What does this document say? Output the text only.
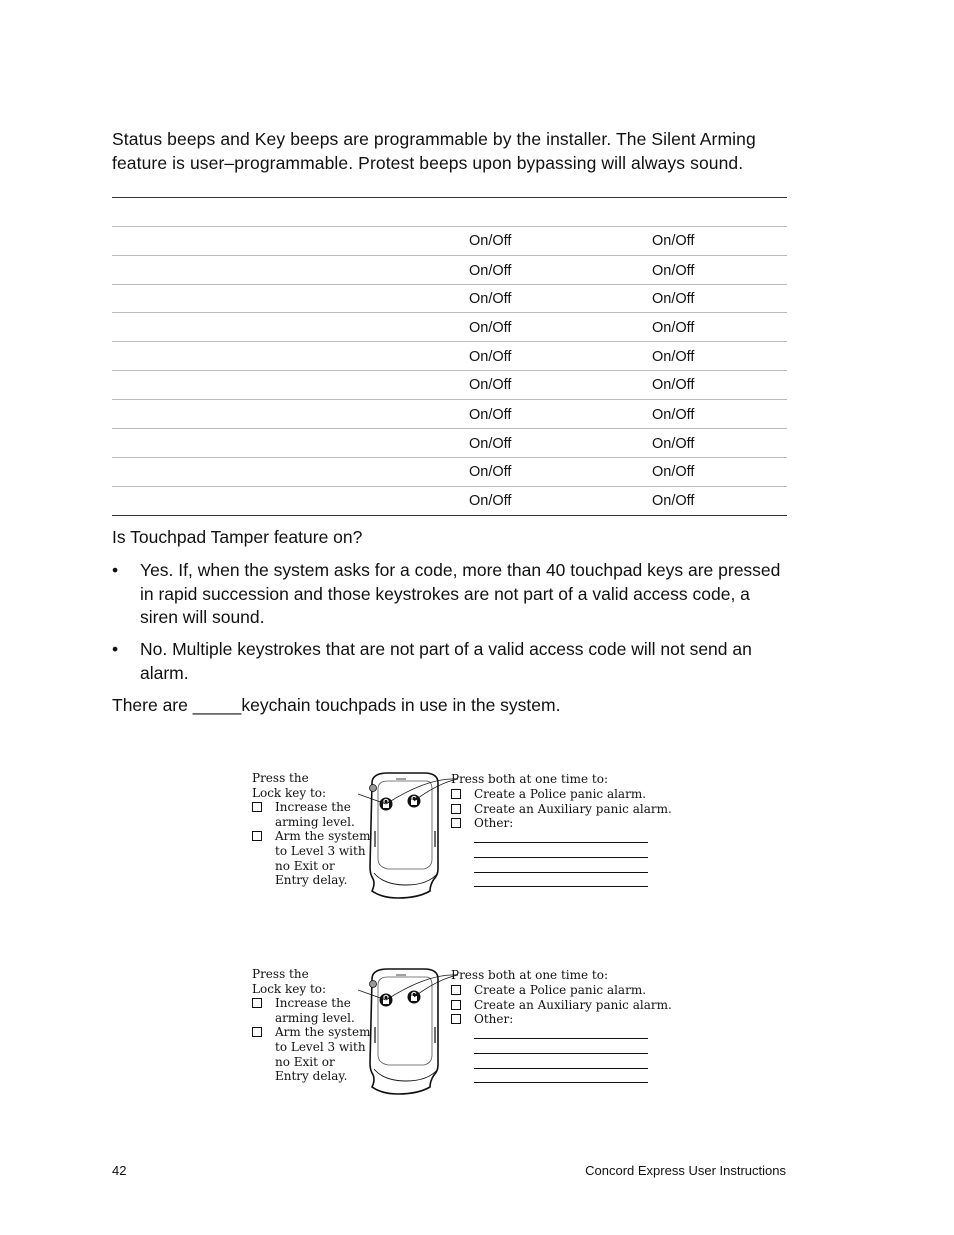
Status beeps and Key beeps are programmable by the installer. The Silent Arming feature is user–programmable. Protest beeps upon bypassing will always sound.

On/Off	On/Off
On/Off	On/Off
On/Off	On/Off
On/Off	On/Off
On/Off	On/Off
On/Off	On/Off
On/Off	On/Off
On/Off	On/Off
On/Off	On/Off
On/Off	On/Off

Is Touchpad Tamper feature on?

• Yes. If, when the system asks for a code, more than 40 touchpad keys are pressed in rapid succession and those keystrokes are not part of a valid access code, a siren will sound.

• No. Multiple keystrokes that are not part of a valid access code will not send an alarm.

There are _____keychain touchpads in use in the system.

Press the
Lock key to:
Increase the
arming level.
Arm the system
to Level 3 with
no Exit or
Entry delay.
Press both at one time to:
Create a Police panic alarm.
Create an Auxiliary panic alarm.
Other:
Press the
Lock key to:
Increase the
arming level.
Arm the system
to Level 3 with
no Exit or
Entry delay.
Press both at one time to:
Create a Police panic alarm.
Create an Auxiliary panic alarm.
Other:
42	Concord Express User Instructions
